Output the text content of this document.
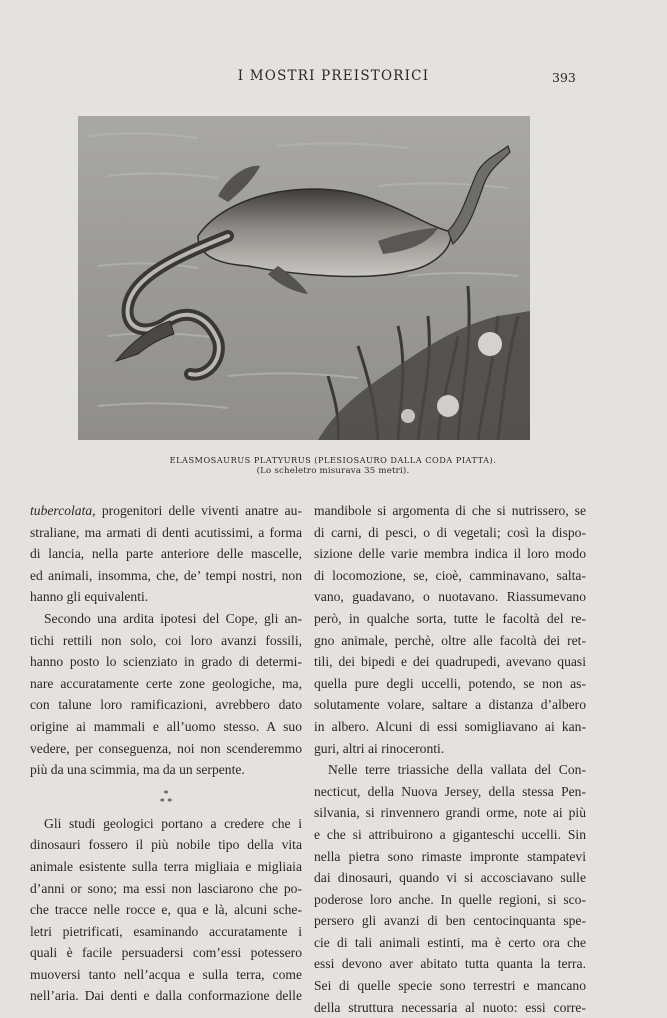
I MOSTRI PREISTORICI	393
ELASMOSAURUS PLATYURUS (PLESIOSAURO DALLA CODA PIATTA).
(Lo scheletro misurava 35 metri).

tubercolata, progenitori delle viventi anatre au-
straliane, ma armati di denti acutissimi, a forma
di lancia, nella parte anteriore delle mascelle,
ed animali, insomma, che, de’ tempi nostri, non
hanno gli equivalenti.

Secondo una ardita ipotesi del Cope, gli an-
tichi rettili non solo, coi loro avanzi fossili,
hanno posto lo scienziato in grado di determi-
nare accuratamente certe zone geologiche, ma,
con talune loro ramificazioni, avrebbero dato
origine ai mammali e all’uomo stesso. A suo
vedere, per conseguenza, noi non scenderemmo
più da una scimmia, ma da un serpente.

*
* *

Gli studi geologici portano a credere che i
dinosauri fossero il più nobile tipo della vita
animale esistente sulla terra migliaia e migliaia
d’anni or sono; ma essi non lasciarono che po-
che tracce nelle rocce e, qua e là, alcuni sche-
letri pietrificati, esaminando accuratamente i
quali è facile persuadersi com’essi potessero
muoversi tanto nell’acqua e sulla terra, come
nell’aria. Dai denti e dalla conformazione delle

mandibole si argomenta di che si nutrissero, se
di carni, di pesci, o di vegetali; così la dispo-
sizione delle varie membra indica il loro modo
di locomozione, se, cioè, camminavano, salta-
vano, guadavano, o nuotavano. Riassumevano
però, in qualche sorta, tutte le facoltà del re-
gno animale, perchè, oltre alle facoltà dei ret-
tili, dei bipedi e dei quadrupedi, avevano quasi
quella pure degli uccelli, potendo, se non as-
solutamente volare, saltare a distanza d’albero
in albero. Alcuni di essi somigliavano ai kan-
guri, altri ai rinoceronti.

Nelle terre triassiche della vallata del Con-
necticut, della Nuova Jersey, della stessa Pen-
silvania, si rinvennero grandi orme, note ai più
e che si attribuirono a giganteschi uccelli. Sin
nella pietra sono rimaste impronte stampatevi
dai dinosauri, quando vi si accosciavano sulle
poderose loro anche. In quelle regioni, si sco-
persero gli avanzi di ben centocinquanta spe-
cie di tali animali estinti, ma è certo ora che
essi devono aver abitato tutta quanta la terra.
Sei di quelle specie sono terrestri e mancano
della struttura necessaria al nuoto: essi corre-
